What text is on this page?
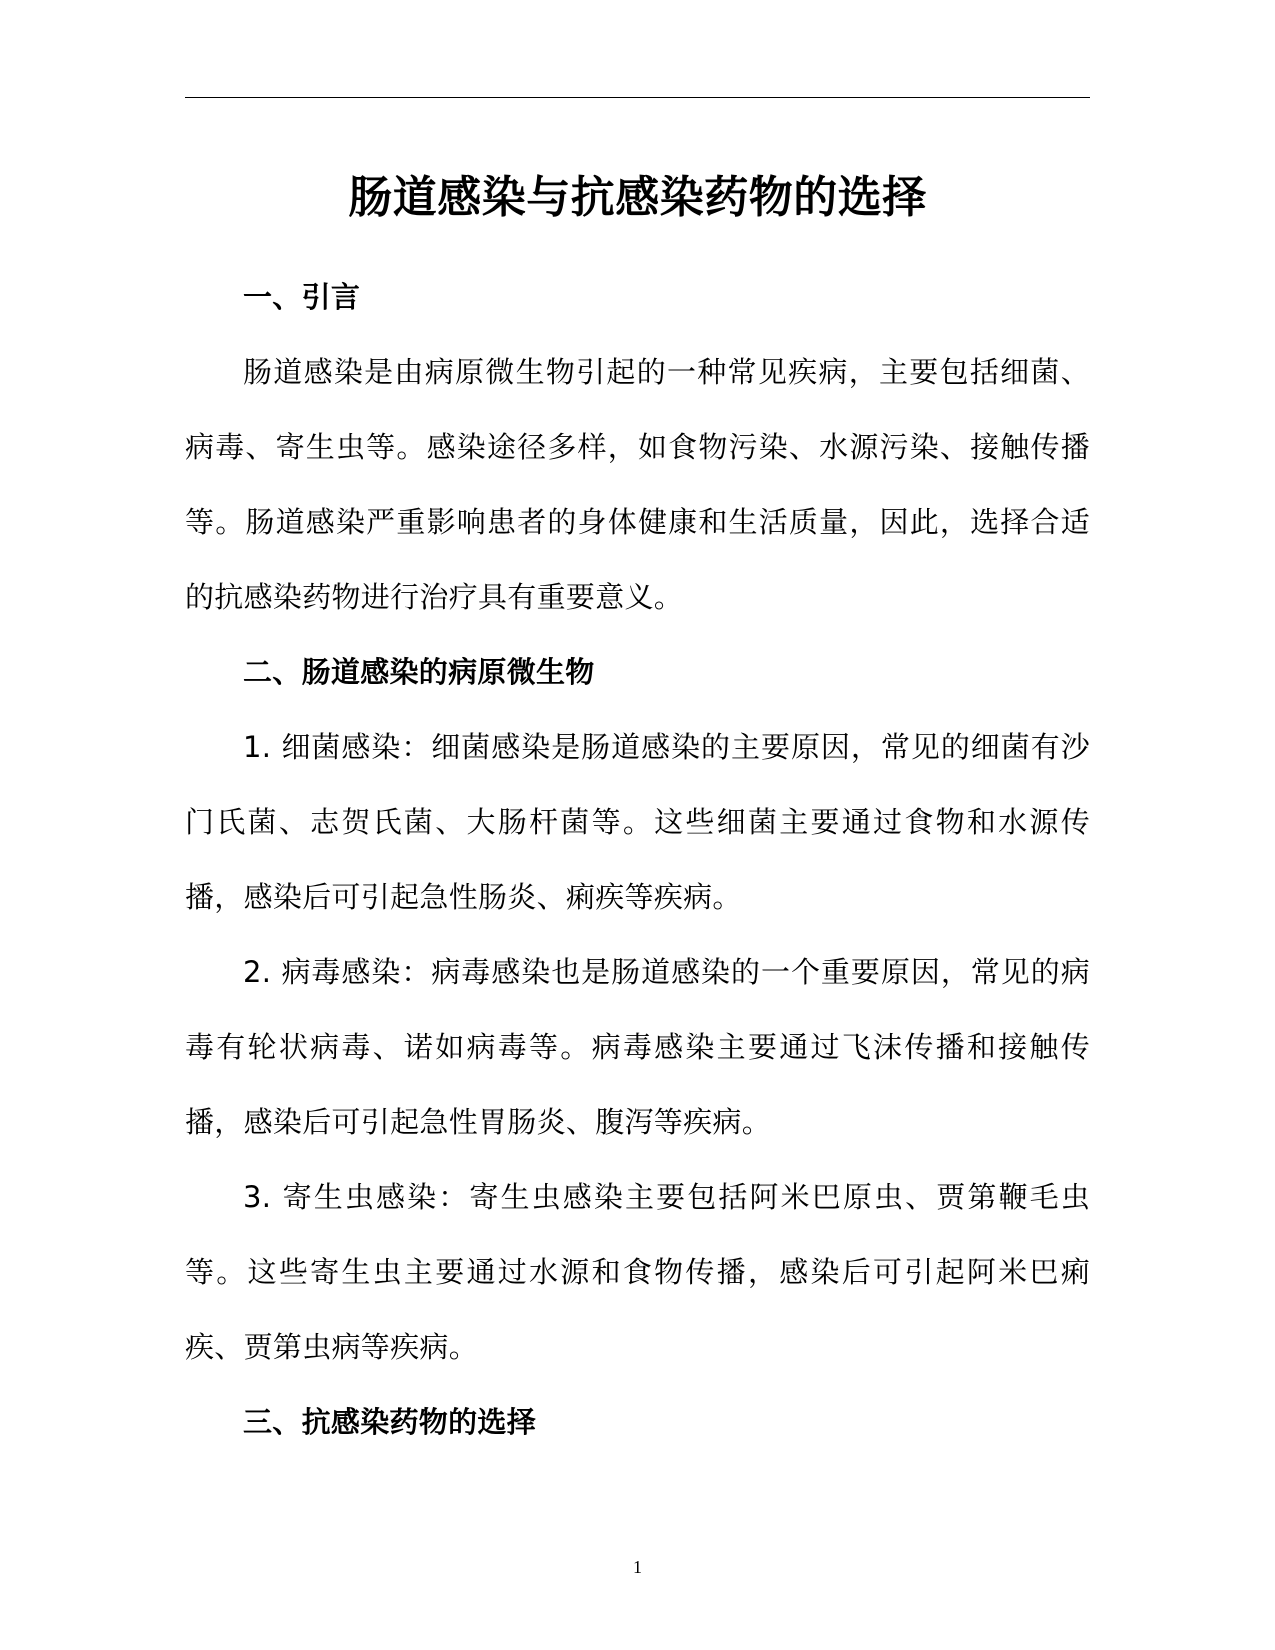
肠道感染与抗感染药物的选择
一、引言

肠道感染是由病原微生物引起的一种常见疾病，主要包括细菌、病毒、寄生虫等。感染途径多样，如食物污染、水源污染、接触传播等。肠道感染严重影响患者的身体健康和生活质量，因此，选择合适的抗感染药物进行治疗具有重要意义。

二、肠道感染的病原微生物

1. 细菌感染：细菌感染是肠道感染的主要原因，常见的细菌有沙门氏菌、志贺氏菌、大肠杆菌等。这些细菌主要通过食物和水源传播，感染后可引起急性肠炎、痢疾等疾病。

2. 病毒感染：病毒感染也是肠道感染的一个重要原因，常见的病毒有轮状病毒、诺如病毒等。病毒感染主要通过飞沫传播和接触传播，感染后可引起急性胃肠炎、腹泻等疾病。

3. 寄生虫感染：寄生虫感染主要包括阿米巴原虫、贾第鞭毛虫等。这些寄生虫主要通过水源和食物传播，感染后可引起阿米巴痢疾、贾第虫病等疾病。

三、抗感染药物的选择
1
